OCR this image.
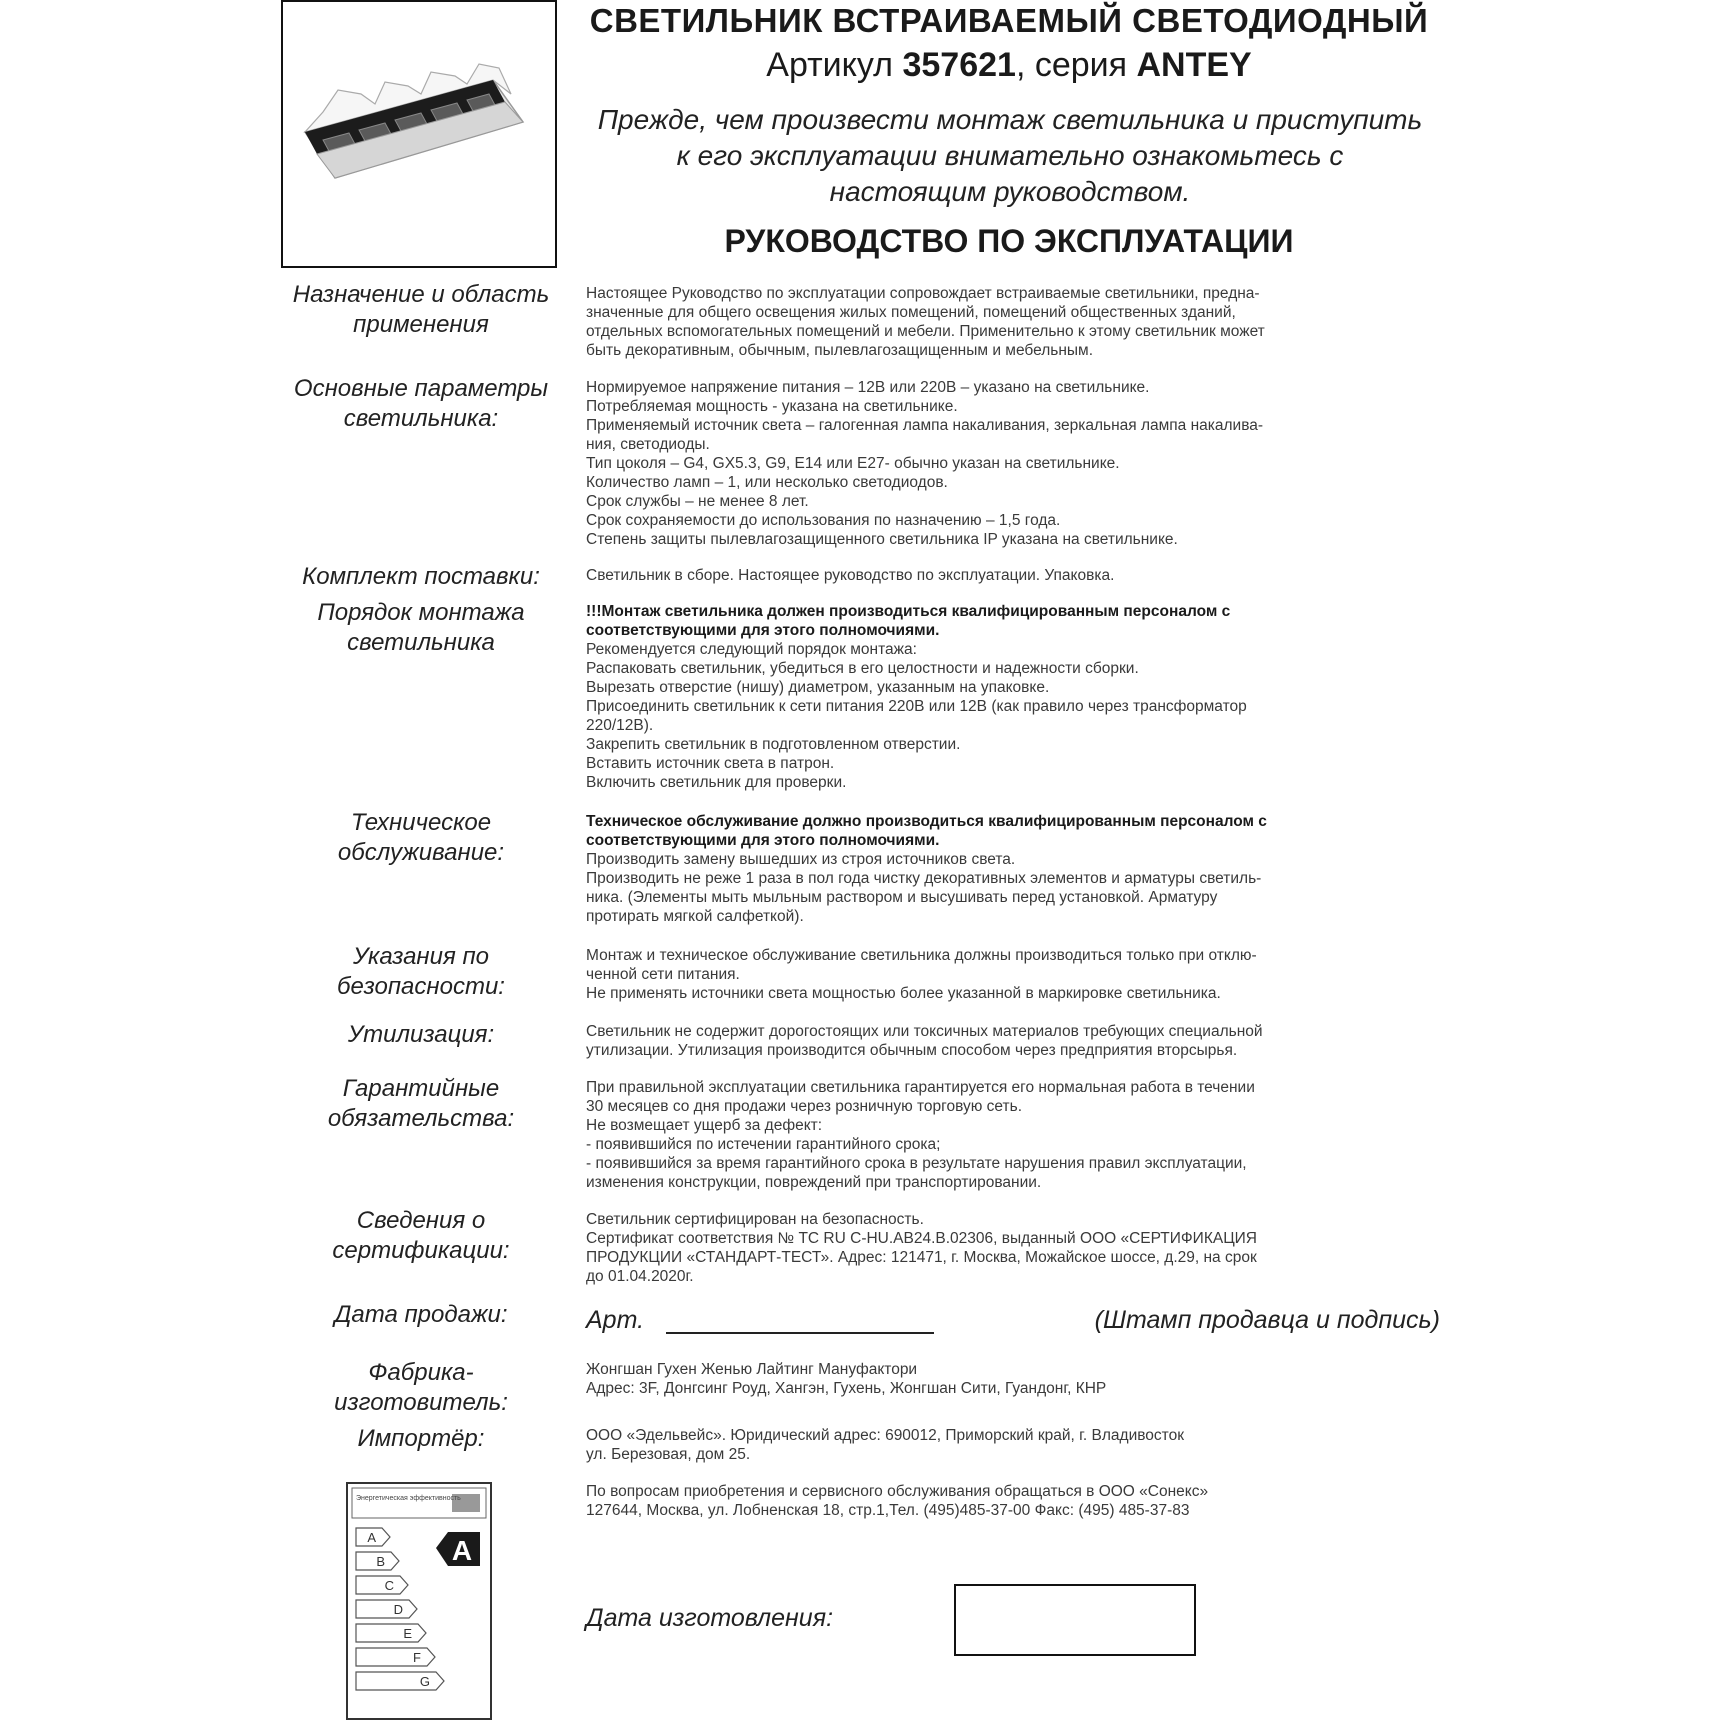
СВЕТИЛЬНИК ВСТРАИВАЕМЫЙ СВЕТОДИОДНЫЙ
Артикул 357621, серия ANTEY
Прежде, чем произвести монтаж светильника и приступить к его эксплуатации внимательно ознакомьтесь с настоящим руководством.
РУКОВОДСТВО ПО ЭКСПЛУАТАЦИИ
Назначение и область применения
Настоящее Руководство по эксплуатации сопровождает встраиваемые светильники, предна-
значенные для общего освещения жилых помещений, помещений общественных зданий,
отдельных вспомогательных помещений и мебели. Применительно к этому светильник может
быть декоративным, обычным, пылевлагозащищенным и мебельным.
Основные параметры светильника:
Нормируемое напряжение питания – 12В или 220В – указано на светильнике.
Потребляемая мощность - указана на светильнике.
Применяемый источник света – галогенная лампа накаливания, зеркальная лампа накалива-
ния, светодиоды.
Тип цоколя – G4, GX5.3, G9, E14 или E27- обычно указан на светильнике.
Количество ламп – 1, или несколько светодиодов.
Срок службы – не менее 8 лет.
Срок сохраняемости до использования по назначению – 1,5 года.
Степень защиты пылевлагозащищенного светильника IP указана на светильнике.
Комплект поставки:	Светильник в сборе. Настоящее руководство по эксплуатации. Упаковка.
Порядок монтажа светильника
!!!Монтаж светильника должен производиться квалифицированным персоналом с
соответствующими для этого полномочиями.
Рекомендуется следующий порядок монтажа:
Распаковать светильник, убедиться в его целостности и надежности сборки.
Вырезать отверстие (нишу) диаметром, указанным на упаковке.
Присоединить светильник к сети питания 220В или 12В (как правило через трансформатор
220/12В).
Закрепить светильник в подготовленном отверстии.
Вставить источник света в патрон.
Включить светильник для проверки.
Техническое обслуживание:
Техническое обслуживание должно производиться квалифицированным персоналом с
соответствующими для этого полномочиями.
Производить замену вышедших из строя источников света.
Производить не реже 1 раза в пол года чистку декоративных элементов и арматуры светиль-
ника. (Элементы мыть мыльным раствором и высушивать перед установкой. Арматуру
протирать мягкой салфеткой).
Указания по безопасности:
Монтаж и техническое обслуживание светильника должны производиться только при отклю-
ченной сети питания.
Не применять источники света мощностью более указанной в маркировке светильника.
Утилизация:	Светильник не содержит дорогостоящих или токсичных материалов требующих специальной
утилизации. Утилизация производится обычным способом через предприятия вторсырья.
Гарантийные обязательства:
При правильной эксплуатации светильника гарантируется его нормальная работа в течении
30 месяцев со дня продажи через розничную торговую сеть.
Не возмещает ущерб за дефект:
- появившийся по истечении гарантийного срока;
- появившийся за время гарантийного срока в результате нарушения правил эксплуатации,
изменения конструкции, повреждений при транспортировании.
Сведения о сертификации:
Светильник сертифицирован на безопасность.
Сертификат соответствия № ТС RU C-HU.AB24.B.02306, выданный ООО «СЕРТИФИКАЦИЯ
ПРОДУКЦИИ «СТАНДАРТ-ТЕСТ». Адрес: 121471, г. Москва, Можайское шоссе, д.29, на срок
до 01.04.2020г.
Дата продажи:	Арт.	(Штамп продавца и подпись)
Фабрика-изготовитель:
Жонгшан Гухен Женью Лайтинг Мануфактори
Адрес: 3F, Донгсинг Роуд, Хангэн, Гухень, Жонгшан Сити, Гуандонг, КНР
Импортёр:	ООО «Эдельвейс». Юридический адрес: 690012, Приморский край, г. Владивосток
ул. Березовая, дом 25.
По вопросам приобретения и сервисного обслуживания обращаться в ООО «Сонекс»
127644, Москва, ул. Лобненская 18, стр.1,Тел. (495)485-37-00 Факс: (495) 485-37-83
Энергетическая эффективность
A
B
C
D
E
F
G
A
Дата изготовления:
